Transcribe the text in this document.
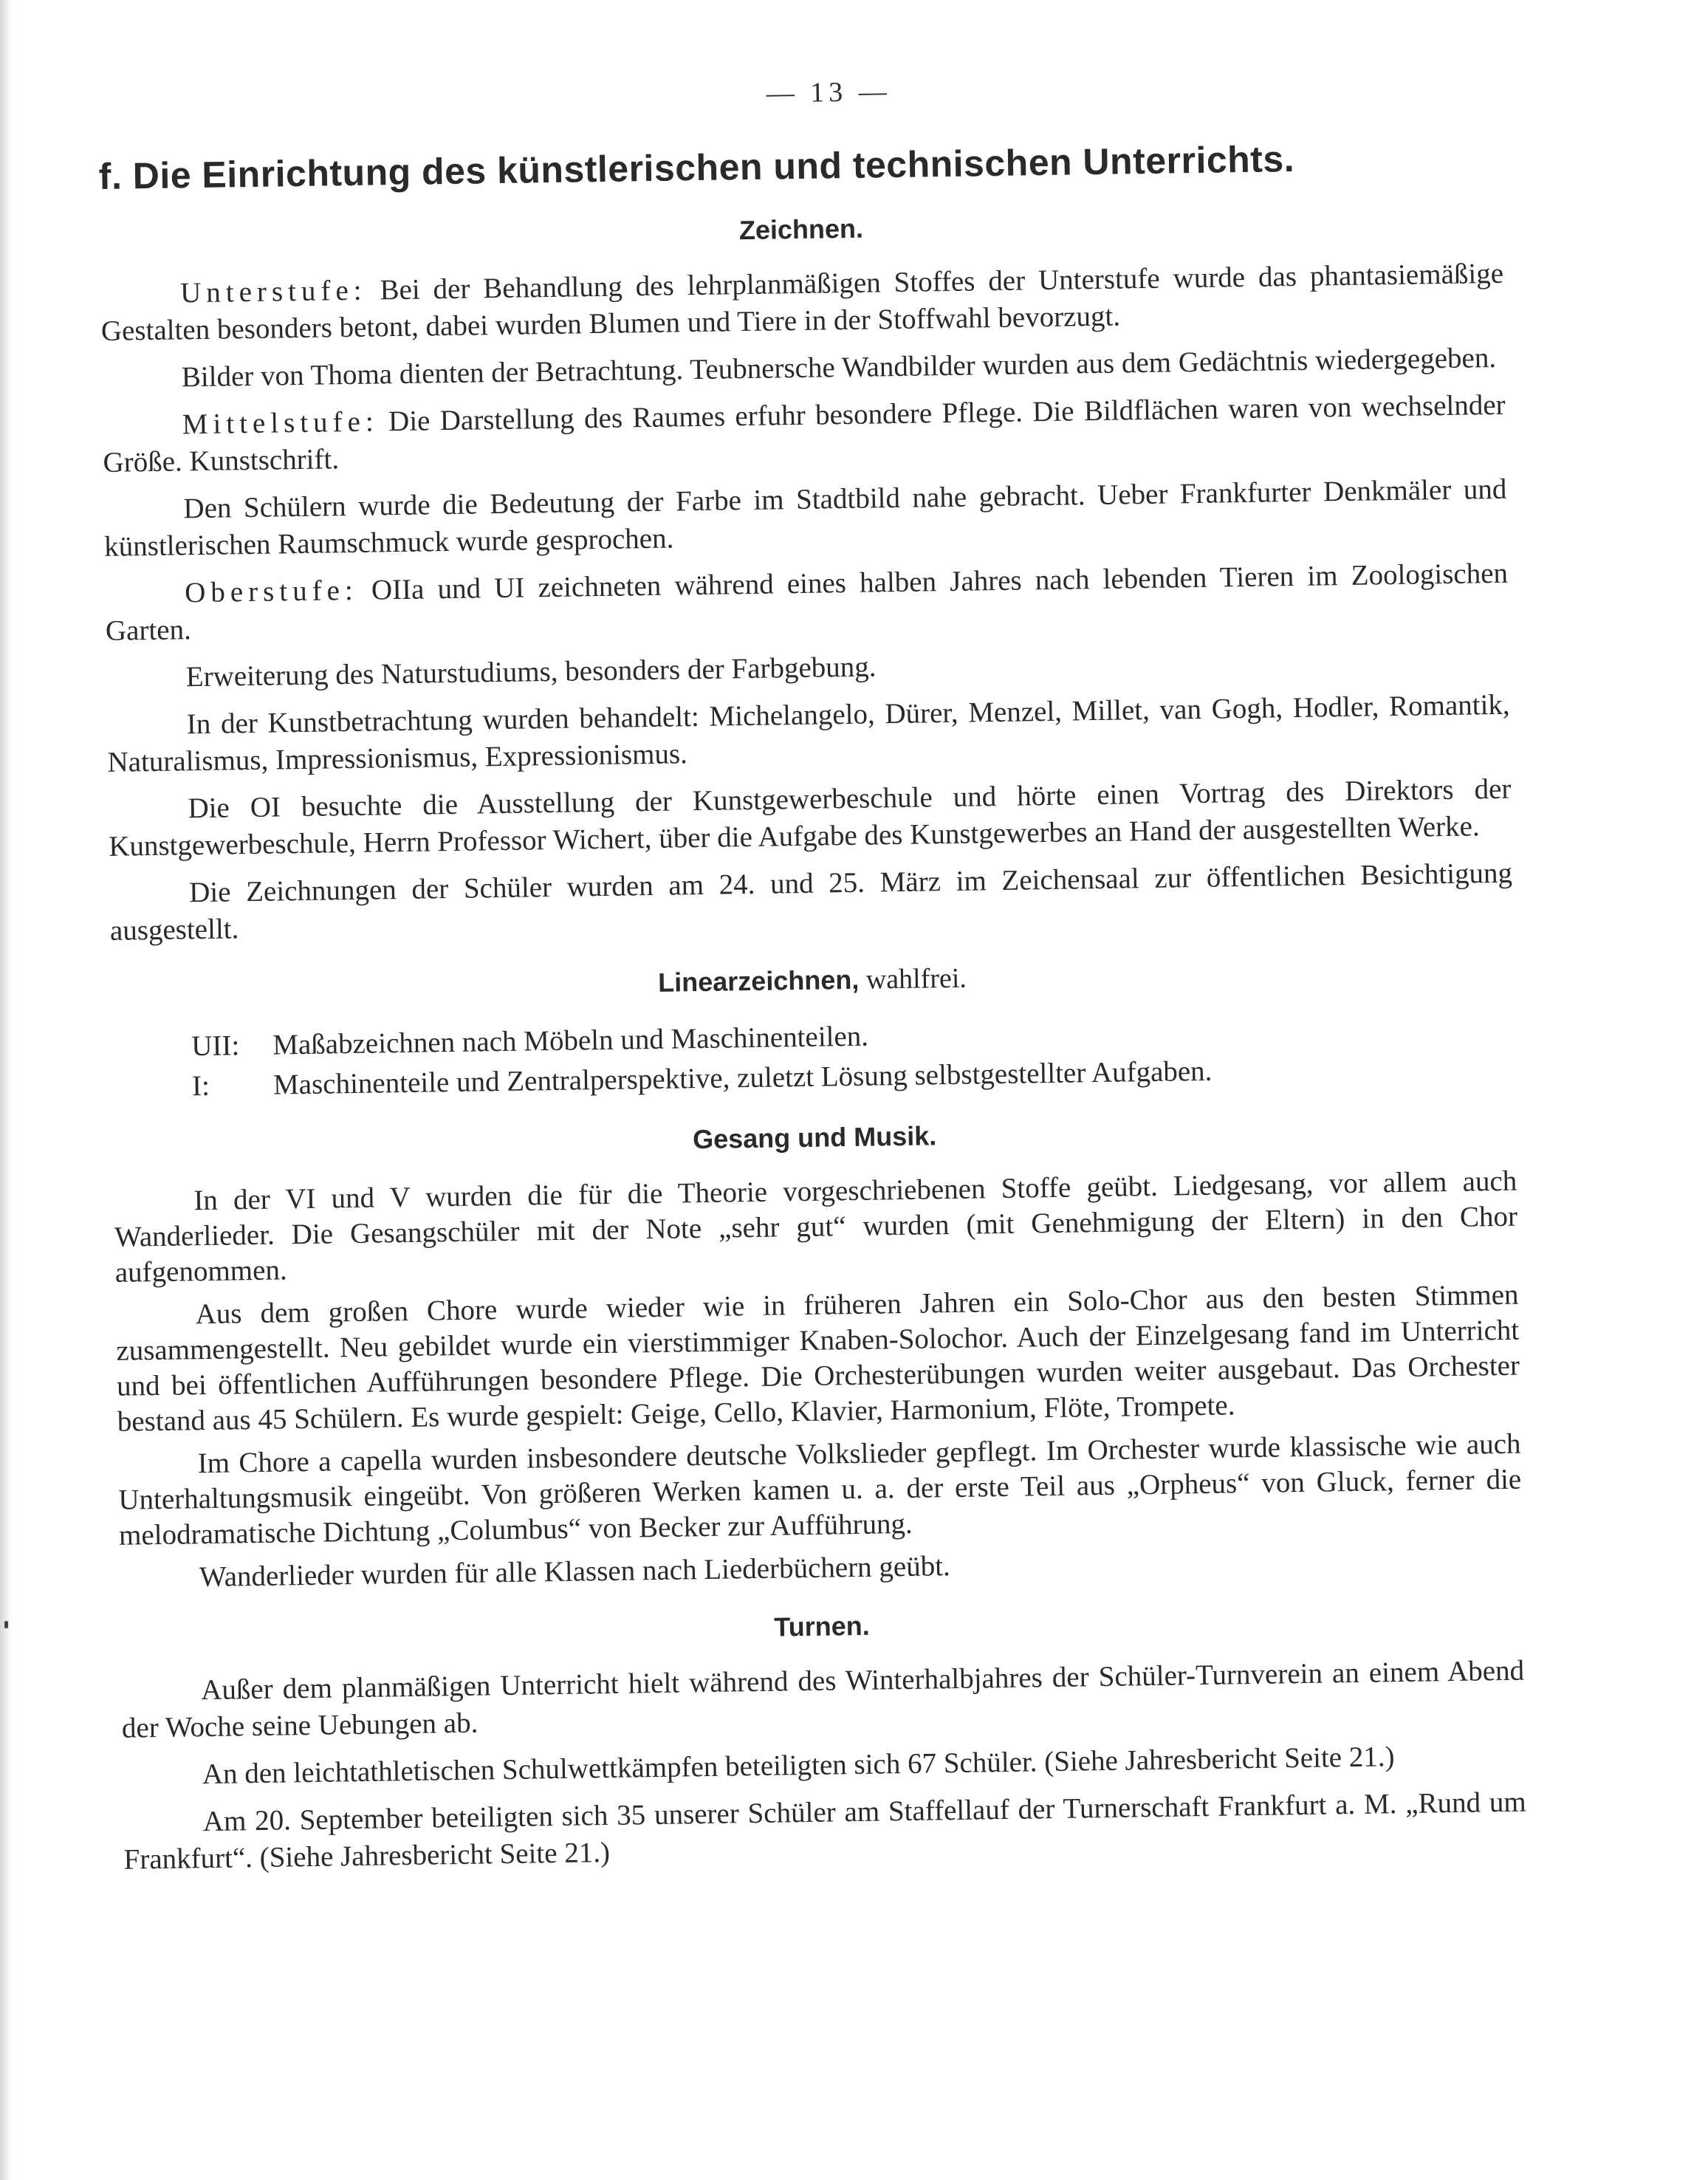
— 13 —
f. Die Einrichtung des künstlerischen und technischen Unterrichts.
Zeichnen.

Unterstufe: Bei der Behandlung des lehrplanmäßigen Stoffes der Unterstufe wurde das phantasiemäßige Gestalten besonders betont, dabei wurden Blumen und Tiere in der Stoffwahl bevorzugt.

Bilder von Thoma dienten der Betrachtung. Teubnersche Wandbilder wurden aus dem Gedächtnis wiedergegeben.

Mittelstufe: Die Darstellung des Raumes erfuhr besondere Pflege. Die Bildflächen waren von wechselnder Größe. Kunstschrift.

Den Schülern wurde die Bedeutung der Farbe im Stadtbild nahe gebracht. Ueber Frankfurter Denkmäler und künstlerischen Raumschmuck wurde gesprochen.

Oberstufe: OIIa und UI zeichneten während eines halben Jahres nach lebenden Tieren im Zoologischen Garten.

Erweiterung des Naturstudiums, besonders der Farbgebung.

In der Kunstbetrachtung wurden behandelt: Michelangelo, Dürer, Menzel, Millet, van Gogh, Hodler, Romantik, Naturalismus, Impressionismus, Expressionismus.

Die OI besuchte die Ausstellung der Kunstgewerbeschule und hörte einen Vortrag des Direktors der Kunstgewerbeschule, Herrn Professor Wichert, über die Aufgabe des Kunstgewerbes an Hand der ausgestellten Werke.

Die Zeichnungen der Schüler wurden am 24. und 25. März im Zeichensaal zur öffentlichen Besichtigung ausgestellt.

Linearzeichnen, wahlfrei.
UII: Maßabzeichnen nach Möbeln und Maschinenteilen.
I: Maschinenteile und Zentralperspektive, zuletzt Lösung selbstgestellter Aufgaben.
Gesang und Musik.

In der VI und V wurden die für die Theorie vorgeschriebenen Stoffe geübt. Liedgesang, vor allem auch Wanderlieder. Die Gesangschüler mit der Note „sehr gut“ wurden (mit Genehmigung der Eltern) in den Chor aufgenommen.

Aus dem großen Chore wurde wieder wie in früheren Jahren ein Solo-Chor aus den besten Stimmen zusammengestellt. Neu gebildet wurde ein vierstimmiger Knaben-Solochor. Auch der Einzelgesang fand im Unterricht und bei öffentlichen Aufführungen besondere Pflege. Die Orchesterübungen wurden weiter ausgebaut. Das Orchester bestand aus 45 Schülern. Es wurde gespielt: Geige, Cello, Klavier, Harmonium, Flöte, Trompete.

Im Chore a capella wurden insbesondere deutsche Volkslieder gepflegt. Im Orchester wurde klassische wie auch Unterhaltungsmusik eingeübt. Von größeren Werken kamen u. a. der erste Teil aus „Orpheus“ von Gluck, ferner die melodramatische Dichtung „Columbus“ von Becker zur Aufführung.

Wanderlieder wurden für alle Klassen nach Liederbüchern geübt.

Turnen.

Außer dem planmäßigen Unterricht hielt während des Winterhalbjahres der Schüler-Turnverein an einem Abend der Woche seine Uebungen ab.

An den leichtathletischen Schulwettkämpfen beteiligten sich 67 Schüler. (Siehe Jahresbericht Seite 21.)

Am 20. September beteiligten sich 35 unserer Schüler am Staffellauf der Turnerschaft Frankfurt a. M. „Rund um Frankfurt“. (Siehe Jahresbericht Seite 21.)
